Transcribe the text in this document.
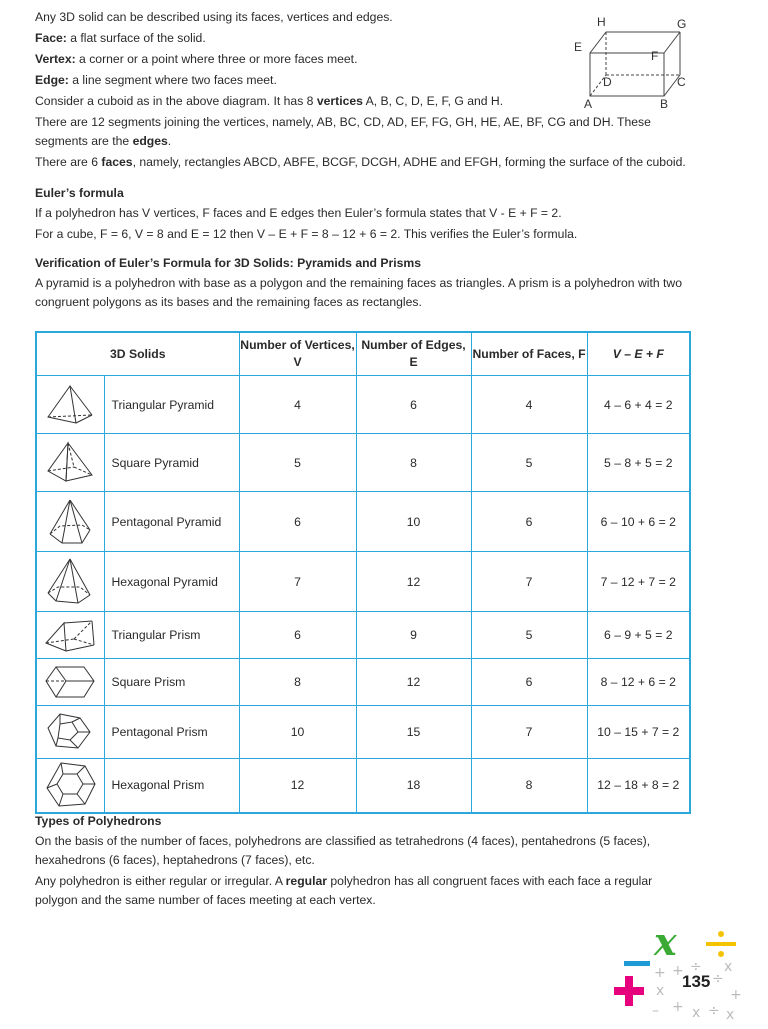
Any 3D solid can be described using its faces, vertices and edges.

Face: a flat surface of the solid.

Vertex: a corner or a point where three or more faces meet.

Edge: a line segment where two faces meet.

Consider a cuboid as in the above diagram. It has 8 vertices A, B, C, D, E, F, G and H.

There are 12 segments joining the vertices, namely, AB, BC, CD, AD, EF, FG, GH, HE, AE, BF, CG and DH. These segments are the edges.

There are 6 faces, namely, rectangles ABCD, ABFE, BCGF, DCGH, ADHE and EFGH, forming the surface of the cuboid.

Euler’s formula

If a polyhedron has V vertices, F faces and E edges then Euler’s formula states that V - E + F = 2.

For a cube, F = 6, V = 8 and E = 12 then V – E + F = 8 – 12 + 6 = 2. This verifies the Euler’s formula.

Verification of Euler’s Formula for 3D Solids: Pyramids and Prisms

A pyramid is a polyhedron with base as a polygon and the remaining faces as triangles. A prism is a polyhedron with two congruent polygons as its bases and the remaining faces as rectangles.

H	G
E
F
D	C
A	B
3D Solids		Number of Vertices, V	Number of Edges, E	Number of Faces, F	V – E + F

	Triangular Pyramid	4	6	4	4 – 6 + 4 = 2

	Square Pyramid	5	8	5	5 – 8 + 5 = 2

	Pentagonal Pyramid	6	10	6	6 – 10 + 6 = 2

	Hexagonal Pyramid	7	12	7	7 – 12 + 7 = 2

	Triangular Prism	6	9	5	6 – 9 + 5 = 2

	Square Prism	8	12	6	8 – 12 + 6 = 2

	Pentagonal Prism	10	15	7	10 – 15 + 7 = 2

	Hexagonal Prism	12	18	8	12 – 18 + 8 = 2
Types of Polyhedrons

On the basis of the number of faces, polyhedrons are classified as tetrahedrons (4 faces), pentahedrons (5 faces), hexahedrons (6 faces), heptahedrons (7 faces), etc.

Any polyhedron is either regular or irregular. A regular polyhedron has all congruent faces with each face a regular polygon and the same number of faces meeting at each vertex.

x
+ + ÷
x
÷
x
– + x ÷ x
+
135
